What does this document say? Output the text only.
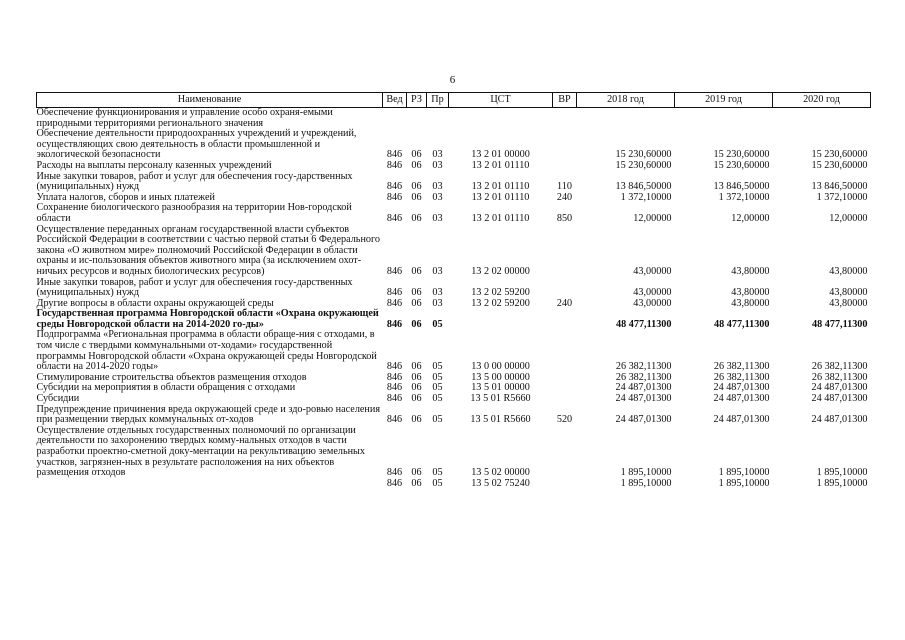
6
Наименование	Вед	РЗ	Пр	ЦСТ	ВР	2018 год	2019 год	2020 год
Обеспечение функционирования и управление особо охраня-емыми природными территориями регионального значения								
Обеспечение деятельности природоохранных учреждений и учреждений, осуществляющих свою деятельность в области промышленной и экологической безопасности	846	06	03	13 2 01 00000		15 230,60000	15 230,60000	15 230,60000
Расходы на выплаты персоналу казенных учреждений	846	06	03	13 2 01 01110		15 230,60000	15 230,60000	15 230,60000
Иные закупки товаров, работ и услуг для обеспечения госу-дарственных (муниципальных) нужд	846	06	03	13 2 01 01110	110	13 846,50000	13 846,50000	13 846,50000
Уплата налогов, сборов и иных платежей	846	06	03	13 2 01 01110	240	1 372,10000	1 372,10000	1 372,10000
Сохранение биологического разнообразия на территории Нов-городской области	846	06	03	13 2 01 01110	850	12,00000	12,00000	12,00000
Осуществление переданных органам государственной власти субъектов Российской Федерации в соответствии с частью первой статьи 6 Федерального закона «О животном мире» полномочий Российской Федерации в области охраны и ис-пользования объектов животного мира (за исключением охот-ничьих ресурсов и водных биологических ресурсов)	846	06	03	13 2 02 00000		43,00000	43,80000	43,80000
Иные закупки товаров, работ и услуг для обеспечения госу-дарственных (муниципальных) нужд	846	06	03	13 2 02 59200		43,00000	43,80000	43,80000
Другие вопросы в области охраны окружающей среды	846	06	03	13 2 02 59200	240	43,00000	43,80000	43,80000
Государственная программа Новгородской области «Охрана окружающей среды Новгородской области на 2014-2020 го-ды»	846	06	05			48 477,11300	48 477,11300	48 477,11300
Подпрограмма «Региональная программа в области обраще-ния с отходами, в том числе с твердыми коммунальными от-ходами» государственной программы Новгородской области «Охрана окружающей среды Новгородской области на 2014-2020 годы»	846	06	05	13 0 00 00000		26 382,11300	26 382,11300	26 382,11300
Стимулирование строительства объектов размещения отходов	846	06	05	13 5 00 00000		26 382,11300	26 382,11300	26 382,11300
Субсидии на мероприятия в области обращения с отходами	846	06	05	13 5 01 00000		24 487,01300	24 487,01300	24 487,01300
Субсидии	846	06	05	13 5 01 R5660		24 487,01300	24 487,01300	24 487,01300
Предупреждение причинения вреда окружающей среде и здо-ровью населения при размещении твердых коммунальных от-ходов	846	06	05	13 5 01 R5660	520	24 487,01300	24 487,01300	24 487,01300
Осуществление отдельных государственных полномочий по организации деятельности по захоронению твердых комму-нальных отходов в части разработки проектно-сметной доку-ментации на рекультивацию земельных участков, загрязнен-ных в результате расположения на них объектов размещения отходов	846	06	05	13 5 02 00000		1 895,10000	1 895,10000	1 895,10000
	846	06	05	13 5 02 75240		1 895,10000	1 895,10000	1 895,10000
